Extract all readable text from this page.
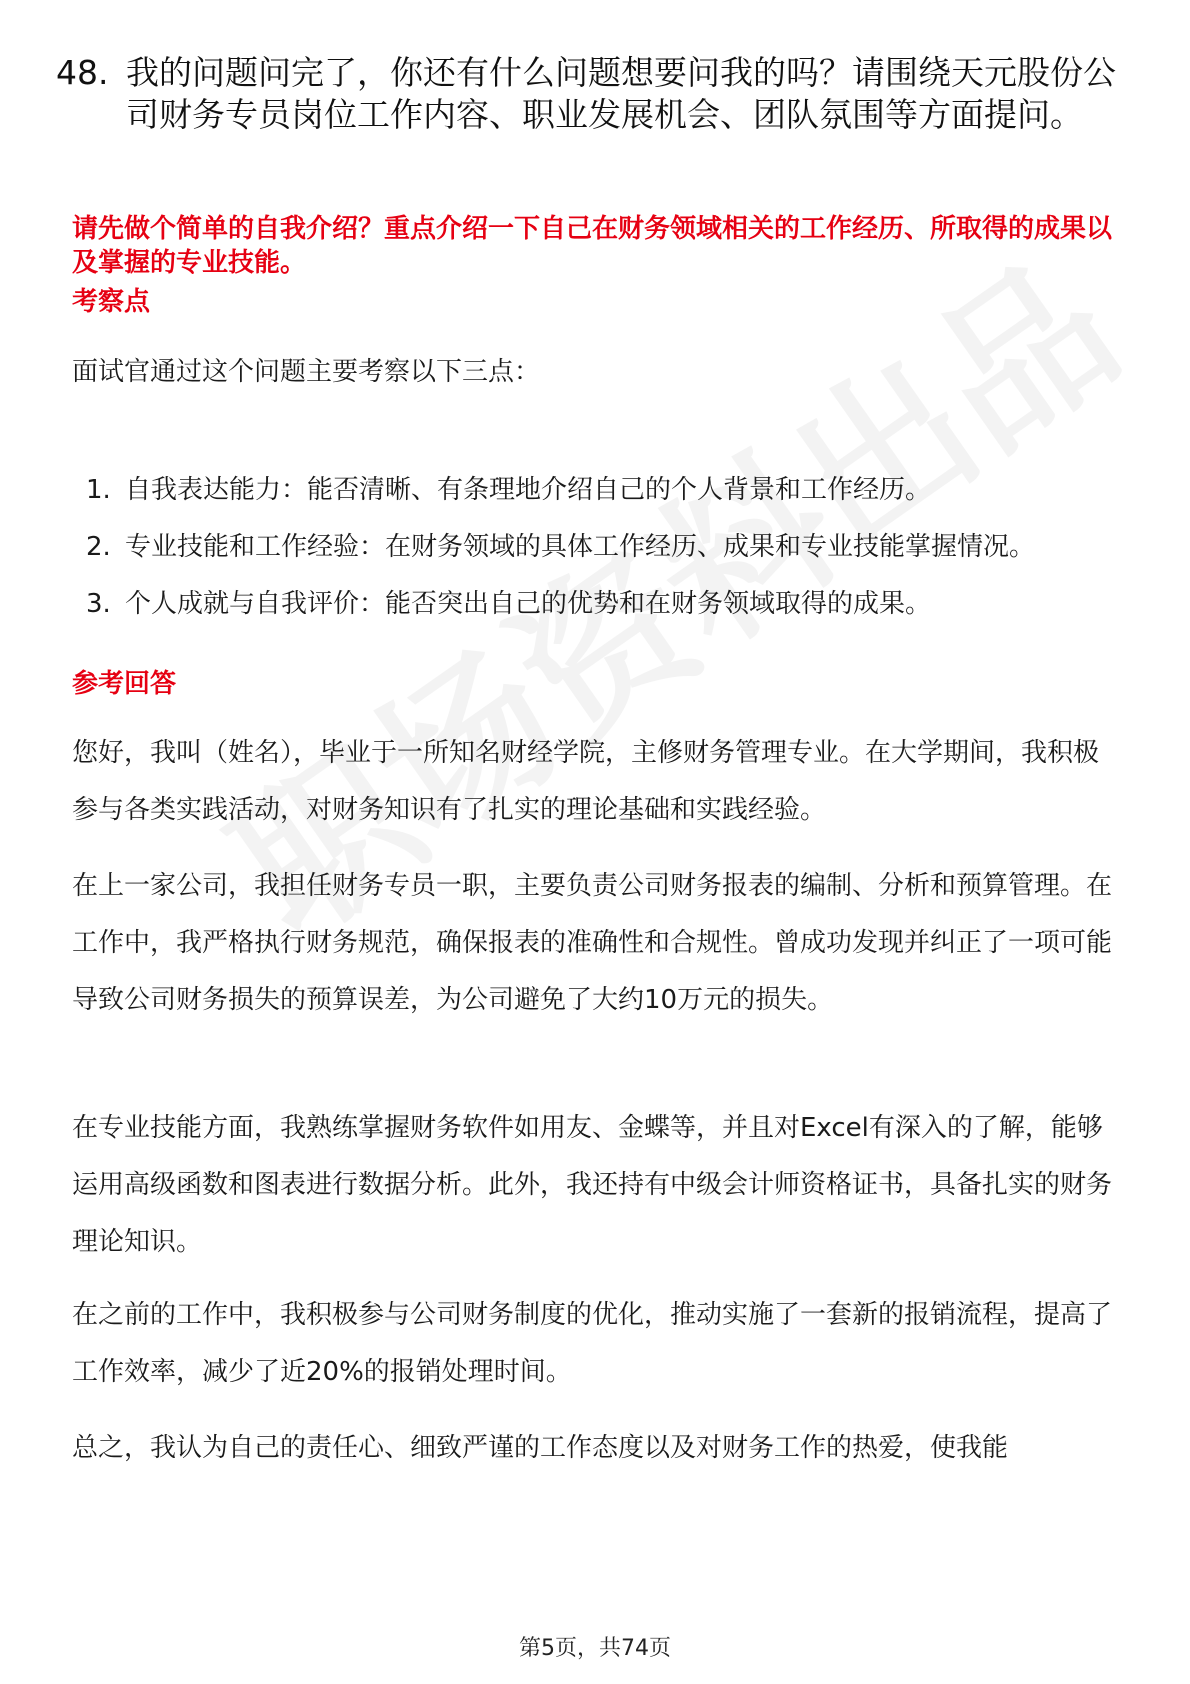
48. 我的问题问完了，你还有什么问题想要问我的吗？请围绕天元股份公司财务专员岗位工作内容、职业发展机会、团队氛围等方面提问。
请先做个简单的自我介绍？重点介绍一下自己在财务领域相关的工作经历、所取得的成果以及掌握的专业技能。
考察点
面试官通过这个问题主要考察以下三点：
1. 自我表达能力：能否清晰、有条理地介绍自己的个人背景和工作经历。
2. 专业技能和工作经验：在财务领域的具体工作经历、成果和专业技能掌握情况。
3. 个人成就与自我评价：能否突出自己的优势和在财务领域取得的成果。
参考回答
您好，我叫（姓名），毕业于一所知名财经学院，主修财务管理专业。在大学期间，我积极参与各类实践活动，对财务知识有了扎实的理论基础和实践经验。
在上一家公司，我担任财务专员一职，主要负责公司财务报表的编制、分析和预算管理。在工作中，我严格执行财务规范，确保报表的准确性和合规性。曾成功发现并纠正了一项可能导致公司财务损失的预算误差，为公司避免了大约10万元的损失。
在专业技能方面，我熟练掌握财务软件如用友、金蝶等，并且对Excel有深入的了解，能够运用高级函数和图表进行数据分析。此外，我还持有中级会计师资格证书，具备扎实的财务理论知识。
在之前的工作中，我积极参与公司财务制度的优化，推动实施了一套新的报销流程，提高了工作效率，减少了近20%的报销处理时间。
总之，我认为自己的责任心、细致严谨的工作态度以及对财务工作的热爱，使我能
第5页，共74页
